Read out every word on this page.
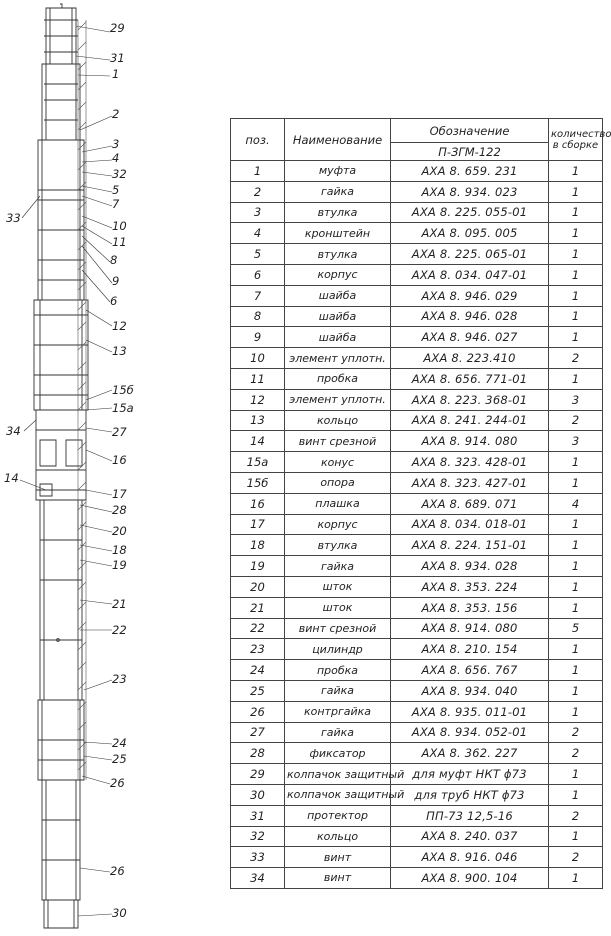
29
31
1
2
3
4
32
5
7
33
10
11
8
9
6
12
13
15б
15а
34	27
16
14
17
28
20
18
19
21
22
23
24
25
26
26
30
поз.	Наименование	Обозначение	количество
в сборке
		П-ЗГМ-122	
1	муфта	АХА 8. 659. 231	1
2	гайка	АХА 8. 934. 023	1
3	втулка	АХА 8. 225. 055-01	1
4	кронштейн	АХА 8. 095. 005	1
5	втулка	АХА 8. 225. 065-01	1
6	корпус	АХА 8. 034. 047-01	1
7	шайба	АХА 8. 946. 029	1
8	шайба	АХА 8. 946. 028	1
9	шайба	АХА 8. 946. 027	1
10	элемент уплотн.	АХА 8. 223.410	2
11	пробка	АХА 8. 656. 771-01	1
12	элемент уплотн.	АХА 8. 223. 368-01	3
13	кольцо	АХА 8. 241. 244-01	2
14	винт срезной	АХА 8. 914. 080	3
15а	конус	АХА 8. 323. 428-01	1
15б	опора	АХА 8. 323. 427-01	1
16	плашка	АХА 8. 689. 071	4
17	корпус	АХА 8. 034. 018-01	1
18	втулка	АХА 8. 224. 151-01	1
19	гайка	АХА 8. 934. 028	1
20	шток	АХА 8. 353. 224	1
21	шток	АХА 8. 353. 156	1
22	винт срезной	АХА 8. 914. 080	5
23	цилиндр	АХА 8. 210. 154	1
24	пробка	АХА 8. 656. 767	1
25	гайка	АХА 8. 934. 040	1
26	контргайка	АХА 8. 935. 011-01	1
27	гайка	АХА 8. 934. 052-01	2
28	фиксатор	АХА 8. 362. 227	2
29	колпачок защитный	для муфт НКТ ϕ73	1
30	колпачок защитный	для труб НКТ ϕ73	1
31	протектор	ПП-73 12,5-16	2
32	кольцо	АХА 8. 240. 037	1
33	винт	АХА 8. 916. 046	2
34	винт	АХА 8. 900. 104	1
